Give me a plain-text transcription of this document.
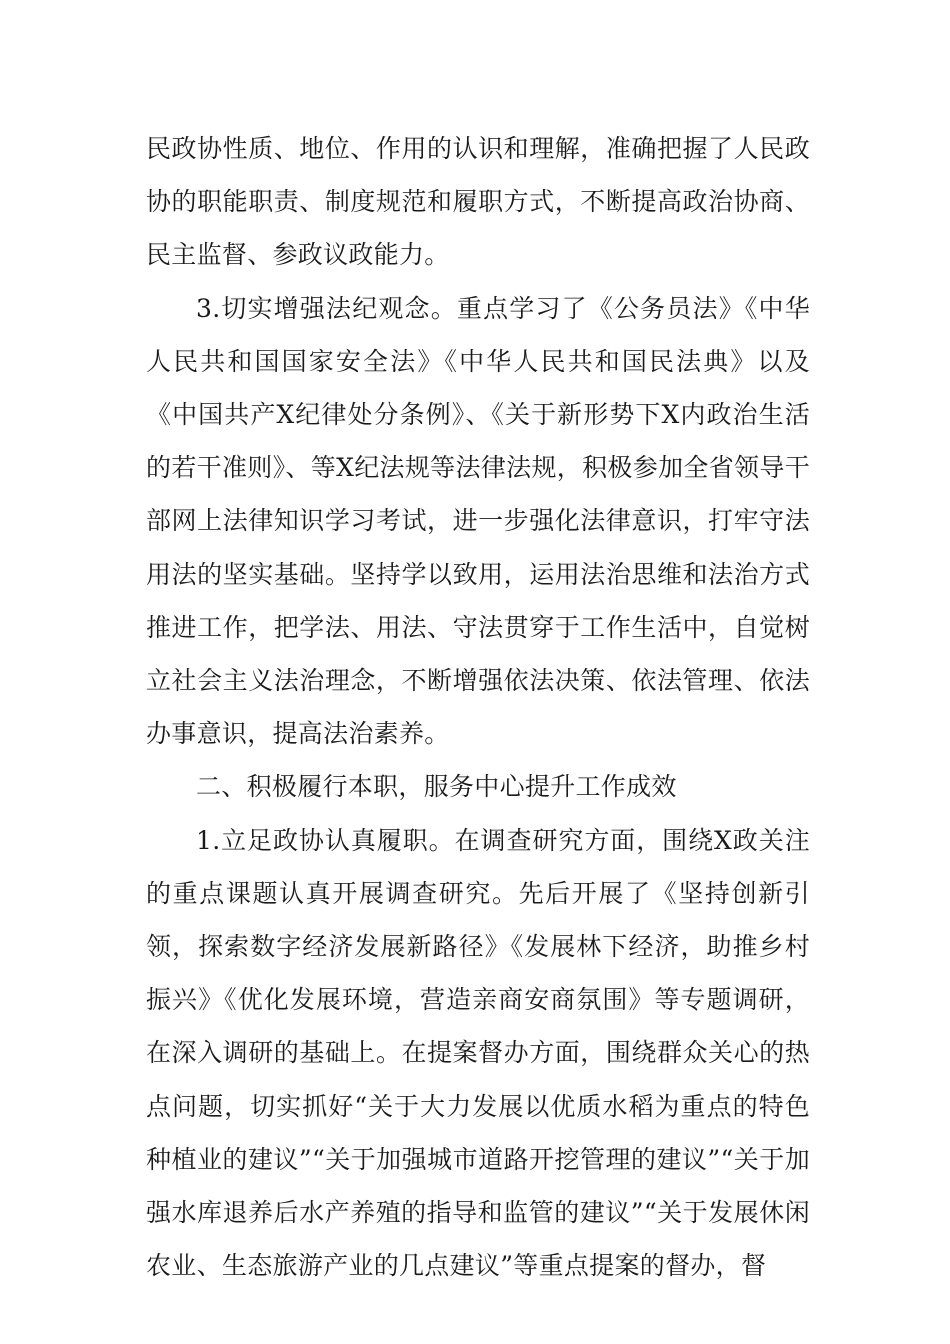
民政协性质、地位、作用的认识和理解，准确把握了人民政协的职能职责、制度规范和履职方式，不断提高政治协商、民主监督、参政议政能力。

3.切实增强法纪观念。重点学习了《公务员法》《中华人民共和国国家安全法》《中华人民共和国民法典》以及《中国共产X纪律处分条例》、《关于新形势下X内政治生活的若干准则》、等X纪法规等法律法规，积极参加全省领导干部网上法律知识学习考试，进一步强化法律意识，打牢守法用法的坚实基础。坚持学以致用，运用法治思维和法治方式推进工作，把学法、用法、守法贯穿于工作生活中，自觉树立社会主义法治理念，不断增强依法决策、依法管理、依法办事意识，提高法治素养。

二、积极履行本职，服务中心提升工作成效

1.立足政协认真履职。在调查研究方面，围绕X政关注的重点课题认真开展调查研究。先后开展了《坚持创新引领，探索数字经济发展新路径》《发展林下经济，助推乡村振兴》《优化发展环境，营造亲商安商氛围》等专题调研，在深入调研的基础上。在提案督办方面，围绕群众关心的热点问题，切实抓好“关于大力发展以优质水稻为重点的特色种植业的建议”“关于加强城市道路开挖管理的建议”“关于加强水库退养后水产养殖的指导和监管的建议”“关于发展休闲农业、生态旅游产业的几点建议”等重点提案的督办，督
